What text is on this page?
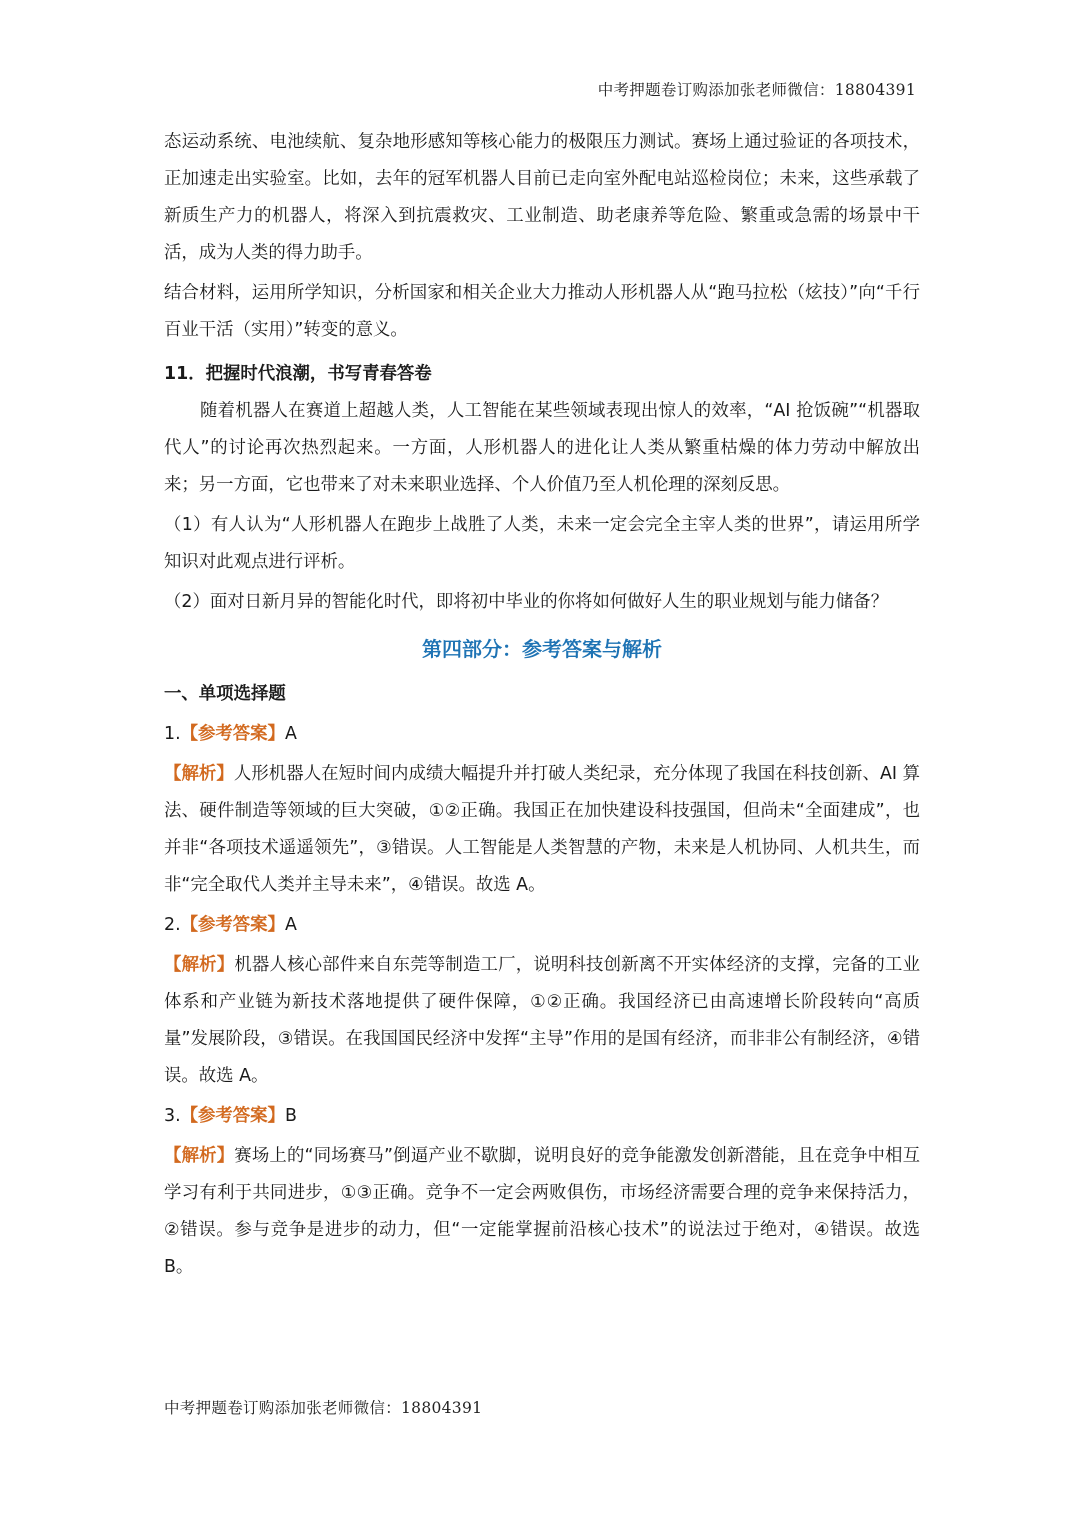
中考押题卷订购添加张老师微信：18804391

态运动系统、电池续航、复杂地形感知等核心能力的极限压力测试。赛场上通过验证的各项技术，正加速走出实验室。比如，去年的冠军机器人目前已走向室外配电站巡检岗位；未来，这些承载了新质生产力的机器人，将深入到抗震救灾、工业制造、助老康养等危险、繁重或急需的场景中干活，成为人类的得力助手。

结合材料，运用所学知识，分析国家和相关企业大力推动人形机器人从“跑马拉松（炫技）”向“千行百业干活（实用）”转变的意义。

11．把握时代浪潮，书写青春答卷

随着机器人在赛道上超越人类，人工智能在某些领域表现出惊人的效率，“AI 抢饭碗”“机器取代人”的讨论再次热烈起来。一方面，人形机器人的进化让人类从繁重枯燥的体力劳动中解放出来；另一方面，它也带来了对未来职业选择、个人价值乃至人机伦理的深刻反思。

（1）有人认为“人形机器人在跑步上战胜了人类，未来一定会完全主宰人类的世界”，请运用所学知识对此观点进行评析。

（2）面对日新月异的智能化时代，即将初中毕业的你将如何做好人生的职业规划与能力储备？

第四部分：参考答案与解析

一、单项选择题

1.【参考答案】A

【解析】人形机器人在短时间内成绩大幅提升并打破人类纪录，充分体现了我国在科技创新、AI 算法、硬件制造等领域的巨大突破，①②正确。我国正在加快建设科技强国，但尚未“全面建成”，也并非“各项技术遥遥领先”，③错误。人工智能是人类智慧的产物，未来是人机协同、人机共生，而非“完全取代人类并主导未来”，④错误。故选 A。

2.【参考答案】A

【解析】机器人核心部件来自东莞等制造工厂，说明科技创新离不开实体经济的支撑，完备的工业体系和产业链为新技术落地提供了硬件保障，①②正确。我国经济已由高速增长阶段转向“高质量”发展阶段，③错误。在我国国民经济中发挥“主导”作用的是国有经济，而非非公有制经济，④错误。故选 A。

3.【参考答案】B

【解析】赛场上的“同场赛马”倒逼产业不歇脚，说明良好的竞争能激发创新潜能，且在竞争中相互学习有利于共同进步，①③正确。竞争不一定会两败俱伤，市场经济需要合理的竞争来保持活力，②错误。参与竞争是进步的动力，但“一定能掌握前沿核心技术”的说法过于绝对，④错误。故选 B。

中考押题卷订购添加张老师微信：18804391
